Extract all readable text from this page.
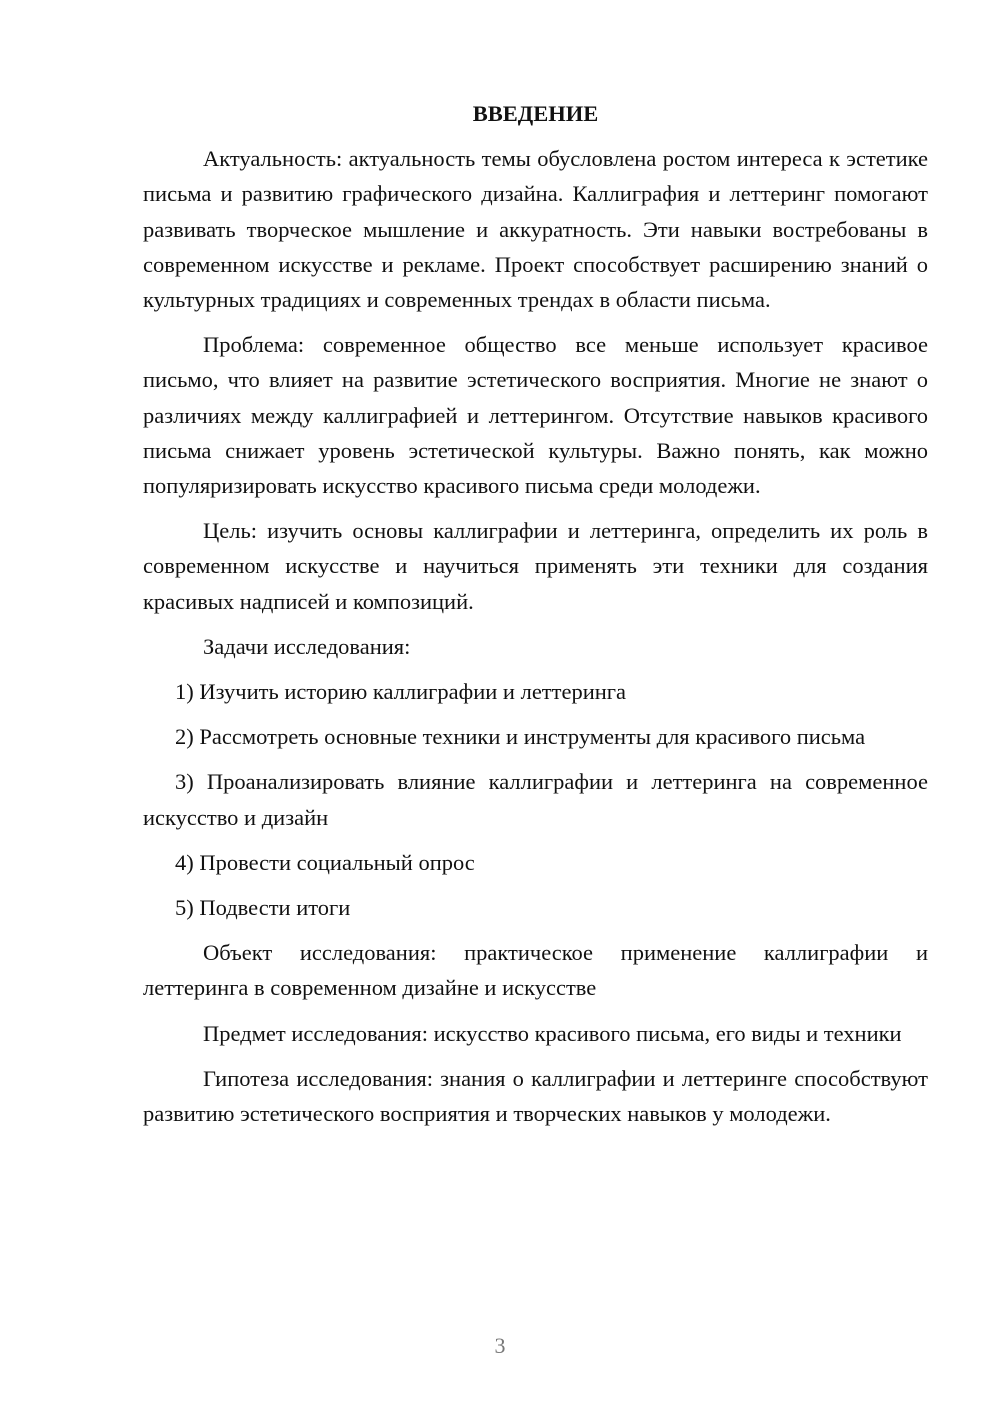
ВВЕДЕНИЕ

Актуальность: актуальность темы обусловлена ростом интереса к эстетике письма и развитию графического дизайна. Каллиграфия и леттеринг помогают развивать творческое мышление и аккуратность. Эти навыки востребованы в современном искусстве и рекламе. Проект способствует расширению знаний о культурных традициях и современных трендах в области письма.

Проблема: современное общество все меньше использует красивое письмо, что влияет на развитие эстетического восприятия. Многие не знают о различиях между каллиграфией и леттерингом. Отсутствие навыков красивого письма снижает уровень эстетической культуры. Важно понять, как можно популяризировать искусство красивого письма среди молодежи.

Цель: изучить основы каллиграфии и леттеринга, определить их роль в современном искусстве и научиться применять эти техники для создания красивых надписей и композиций.

Задачи исследования:

1) Изучить историю каллиграфии и леттеринга

2) Рассмотреть основные техники и инструменты для красивого письма

3) Проанализировать влияние каллиграфии и леттеринга на современное искусство и дизайн

4) Провести социальный опрос

5) Подвести итоги

Объект исследования: практическое применение каллиграфии и леттеринга в современном дизайне и искусстве

Предмет исследования: искусство красивого письма, его виды и техники

Гипотеза исследования: знания о каллиграфии и леттеринге способствуют развитию эстетического восприятия и творческих навыков у молодежи.

3
